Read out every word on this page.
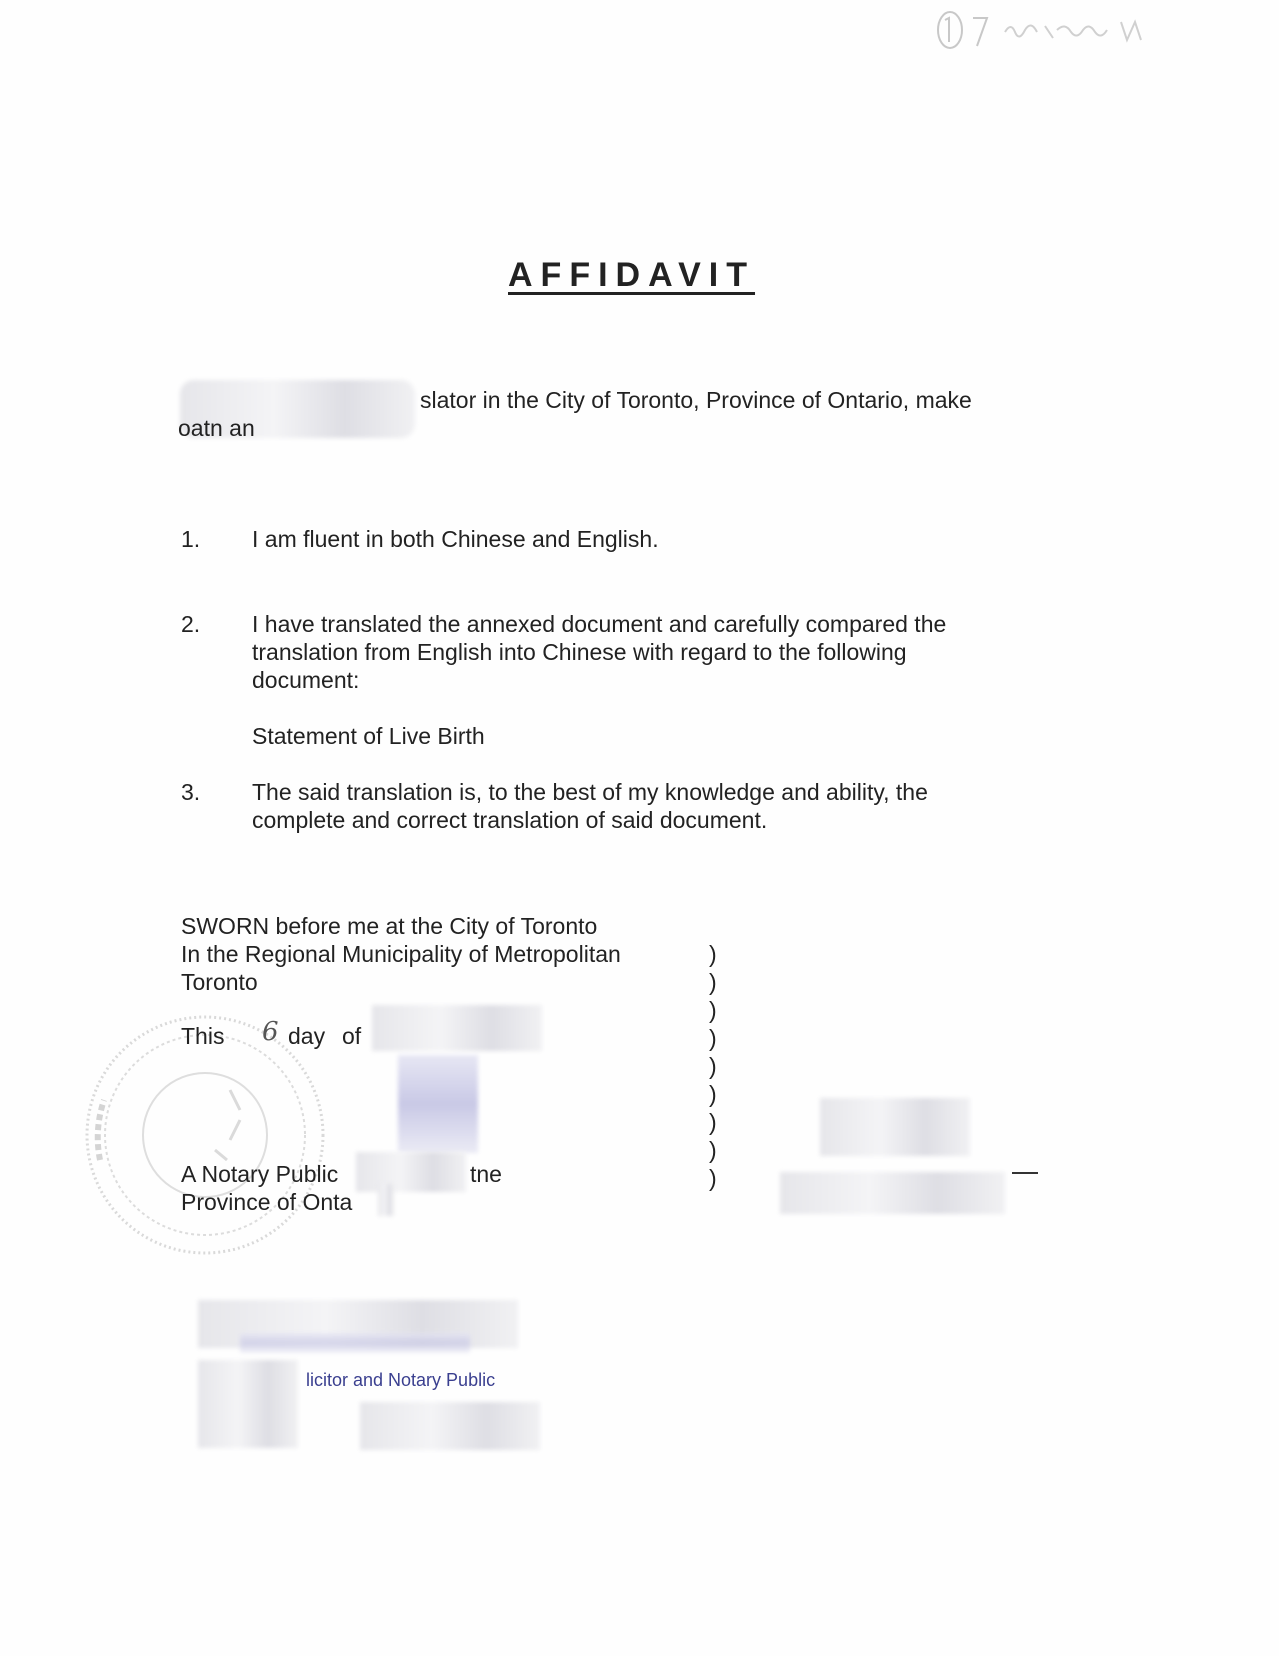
AFFIDAVIT
slator in the City of Toronto, Province of Ontario, make
oatn an
1. I am fluent in both Chinese and English.
2. I have translated the annexed document and carefully compared the
translation from English into Chinese with regard to the following
document:
Statement of Live Birth
3. The said translation is, to the best of my knowledge and ability, the
complete and correct translation of said document.
SWORN before me at the City of Toronto
In the Regional Municipality of Metropolitan
Toronto
This 6 day of
A Notary Public	tne
Province of Onta
)
)
)
)
)
)
)
)
)
licitor and Notary Public
